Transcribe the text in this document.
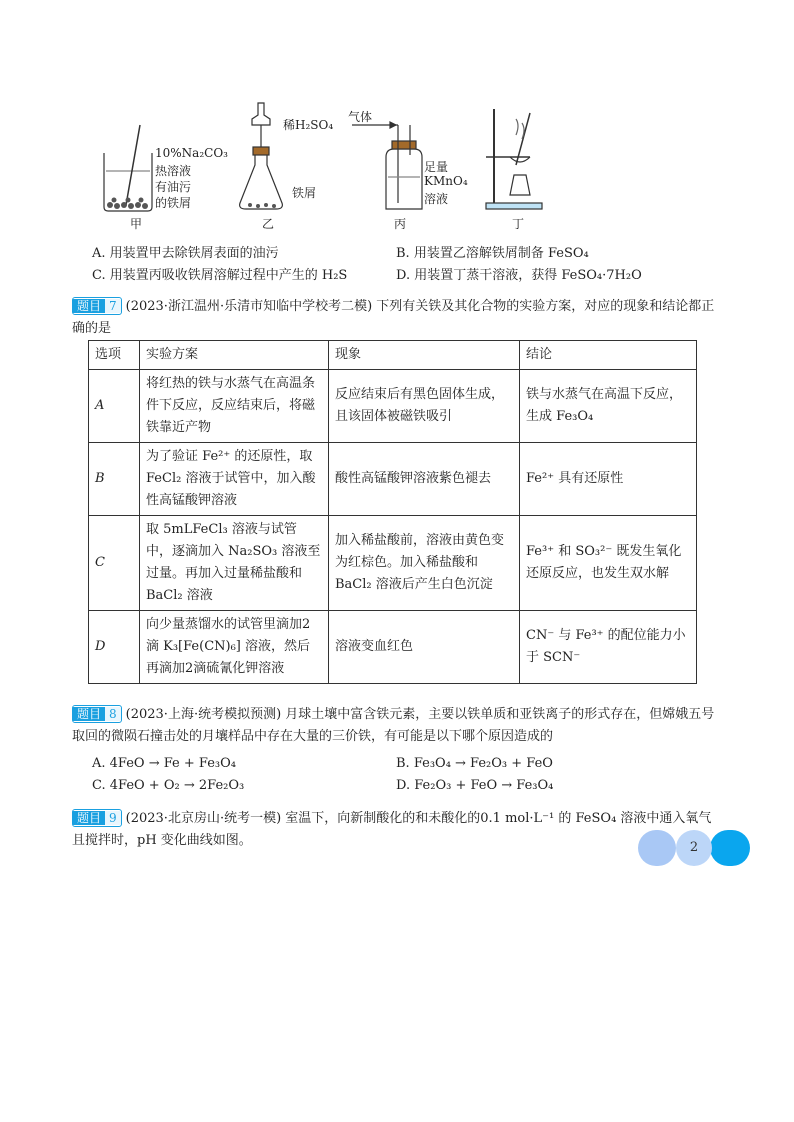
10%Na₂CO₃
热溶液
有油污
的铁屑
稀H₂SO₄
铁屑
气体
足量
KMnO₄
溶液
甲	乙	丙	丁
A. 用装置甲去除铁屑表面的油污	B. 用装置乙溶解铁屑制备 FeSO₄
C. 用装置丙吸收铁屑溶解过程中产生的 H₂S	D. 用装置丁蒸干溶液，获得 FeSO₄·7H₂O
题目 7 (2023·浙江温州·乐清市知临中学校考二模) 下列有关铁及其化合物的实验方案，对应的现象和结论都正确的是
选项	实验方案	现象	结论
A	将红热的铁与水蒸气在高温条件下反应，反应结束后，将磁铁靠近产物	反应结束后有黑色固体生成，且该固体被磁铁吸引	铁与水蒸气在高温下反应，生成 Fe₃O₄
B	为了验证 Fe²⁺ 的还原性，取 FeCl₂ 溶液于试管中，加入酸性高锰酸钾溶液	酸性高锰酸钾溶液紫色褪去	Fe²⁺ 具有还原性
C	取 5mLFeCl₃ 溶液与试管中，逐滴加入 Na₂SO₃ 溶液至过量。再加入过量稀盐酸和 BaCl₂ 溶液	加入稀盐酸前，溶液由黄色变为红棕色。加入稀盐酸和 BaCl₂ 溶液后产生白色沉淀	Fe³⁺ 和 SO₃²⁻ 既发生氧化还原反应，也发生双水解
D	向少量蒸馏水的试管里滴加2滴 K₃[Fe(CN)₆] 溶液，然后再滴加2滴硫氰化钾溶液	溶液变血红色	CN⁻ 与 Fe³⁺ 的配位能力小于 SCN⁻
题目 8 (2023·上海·统考模拟预测) 月球土壤中富含铁元素，主要以铁单质和亚铁离子的形式存在，但嫦娥五号取回的微陨石撞击处的月壤样品中存在大量的三价铁，有可能是以下哪个原因造成的
A. 4FeO → Fe + Fe₃O₄	B. Fe₃O₄ → Fe₂O₃ + FeO
C. 4FeO + O₂ → 2Fe₂O₃	D. Fe₂O₃ + FeO → Fe₃O₄
题目 9 (2023·北京房山·统考一模) 室温下，向新制酸化的和未酸化的0.1 mol·L⁻¹ 的 FeSO₄ 溶液中通入氧气且搅拌时，pH 变化曲线如图。	2
